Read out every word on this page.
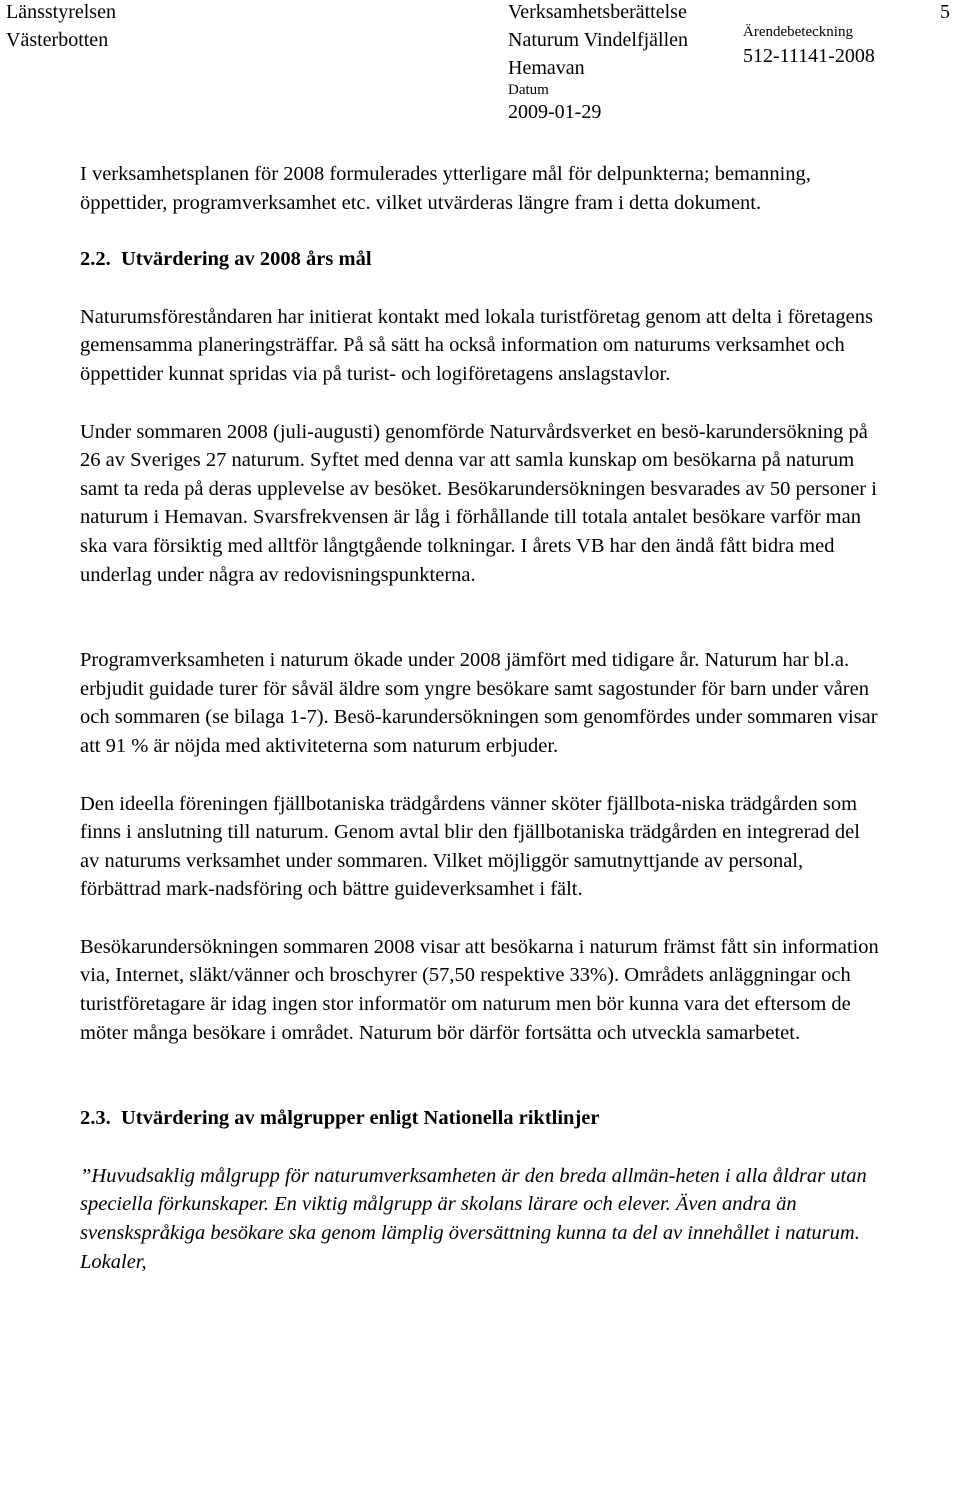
Länsstyrelsen
Västerbotten
Verksamhetsberättelse
Naturum Vindelfjällen
Hemavan
Datum
2009-01-29
Ärendebeteckning
512-11141-2008
5

I verksamhetsplanen för 2008 formulerades ytterligare mål för delpunkterna; bemanning, öppettider, programverksamhet etc. vilket utvärderas längre fram i detta dokument.

2.2. Utvärdering av 2008 års mål

Naturumsföreståndaren har initierat kontakt med lokala turistföretag genom att delta i företagens gemensamma planeringsträffar. På så sätt ha också information om naturums verksamhet och öppettider kunnat spridas via på turist- och logiföretagens anslagstavlor.

Under sommaren 2008 (juli-augusti) genomförde Naturvårdsverket en besö-karundersökning på 26 av Sveriges 27 naturum. Syftet med denna var att samla kunskap om besökarna på naturum samt ta reda på deras upplevelse av besöket. Besökarundersökningen besvarades av 50 personer i naturum i Hemavan. Svarsfrekvensen är låg i förhållande till totala antalet besökare varför man ska vara försiktig med alltför långtgående tolkningar. I årets VB har den ändå fått bidra med underlag under några av redovisningspunkterna.

Programverksamheten i naturum ökade under 2008 jämfört med tidigare år. Naturum har bl.a. erbjudit guidade turer för såväl äldre som yngre besökare samt sagostunder för barn under våren och sommaren (se bilaga 1-7). Besö-karundersökningen som genomfördes under sommaren visar att 91 % är nöjda med aktiviteterna som naturum erbjuder.

Den ideella föreningen fjällbotaniska trädgårdens vänner sköter fjällbota-niska trädgården som finns i anslutning till naturum. Genom avtal blir den fjällbotaniska trädgården en integrerad del av naturums verksamhet under sommaren. Vilket möjliggör samutnyttjande av personal, förbättrad mark-nadsföring och bättre guideverksamhet i fält.

Besökarundersökningen sommaren 2008 visar att besökarna i naturum främst fått sin information via, Internet, släkt/vänner och broschyrer (57,50 respektive 33%). Områdets anläggningar och turistföretagare är idag ingen stor informatör om naturum men bör kunna vara det eftersom de möter många besökare i området. Naturum bör därför fortsätta och utveckla samarbetet.

2.3. Utvärdering av målgrupper enligt Nationella riktlinjer

”Huvudsaklig målgrupp för naturumverksamheten är den breda allmän-heten i alla åldrar utan speciella förkunskaper. En viktig målgrupp är skolans lärare och elever. Även andra än svenskspråkiga besökare ska genom lämplig översättning kunna ta del av innehållet i naturum. Lokaler,
